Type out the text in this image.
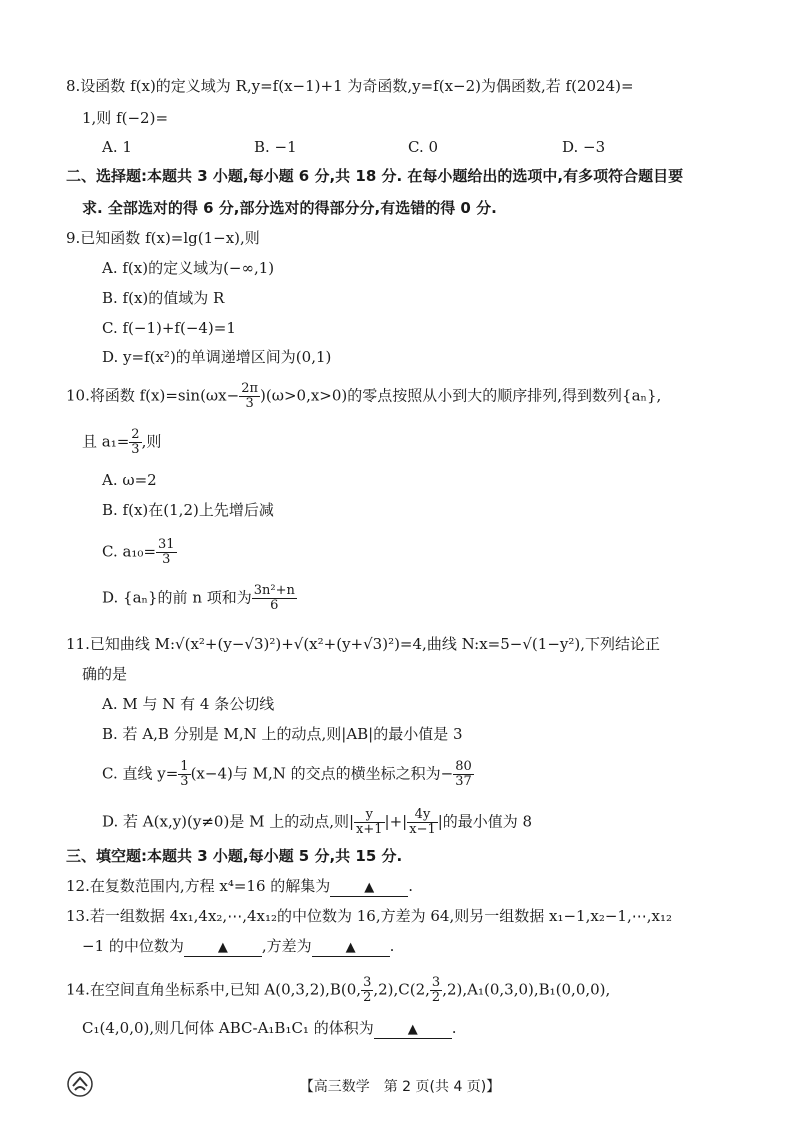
8.设函数 f(x)的定义域为 R,y=f(x−1)+1 为奇函数,y=f(x−2)为偶函数,若 f(2024)=
1,则 f(−2)=
A. 1	B. −1	C. 0	D. −3
二、选择题:本题共 3 小题,每小题 6 分,共 18 分. 在每小题给出的选项中,有多项符合题目要
求. 全部选对的得 6 分,部分选对的得部分分,有选错的得 0 分.
9.已知函数 f(x)=lg(1−x),则
A. f(x)的定义域为(−∞,1)
B. f(x)的值域为 R
C. f(−1)+f(−4)=1
D. y=f(x²)的单调递增区间为(0,1)
10.将函数 $f(x)=\sin(\omega x- \frac{2\pi}{3} )(\omega>0,x>0)$的零点按照从小到大的顺序排列,得到数列{aₙ},
且 $a_1= \frac{2}{3}$ ,则
A. ω=2
B. f(x)在(1,2)上先增后减
C. $a_{10}= \frac{31}{3}$
D. {aₙ}的前 n 项和为 $\frac{\text{3n²+n}}{6}$
11.已知曲线 M:√(x²+(y−√3)²)+√(x²+(y+√3)²)=4,曲线 N:x=5−√(1−y²),下列结论正
确的是
A. M 与 N 有 4 条公切线
B. 若 A,B 分别是 M,N 上的动点,则|AB|的最小值是 3
C. 直线 $y= \frac{1}{3} (x-4)$与 M,N 的交点的横坐标之积为− $\frac{80}{37}$
D. 若 A(x,y)(y≠0)是 M 上的动点,则| $\frac{y}{x+1}$ |+| $\frac{4y}{x-1}$ |的最小值为 8
三、填空题:本题共 3 小题,每小题 5 分,共 15 分.
12.在复数范围内,方程 x⁴=16 的解集为	▲ .
13.若一组数据 4x₁,4x₂,⋯,4x₁₂的中位数为 16,方差为 64,则另一组数据 x₁−1,x₂−1,⋯,x₁₂
−1 的中位数为	▲ ,方差为	▲ .
14.在空间直角坐标系中,已知 A(0,3,2),B(0, $\frac{3}{2} ,2),C(2$, $\frac{3}{2} ,2),A_1(0,3,0),B_1(0,0,0)$,
C₁(4,0,0),则几何体 ABC-A₁B₁C₁ 的体积为	▲ .
【高三数学　第 2 页(共 4 页)】
